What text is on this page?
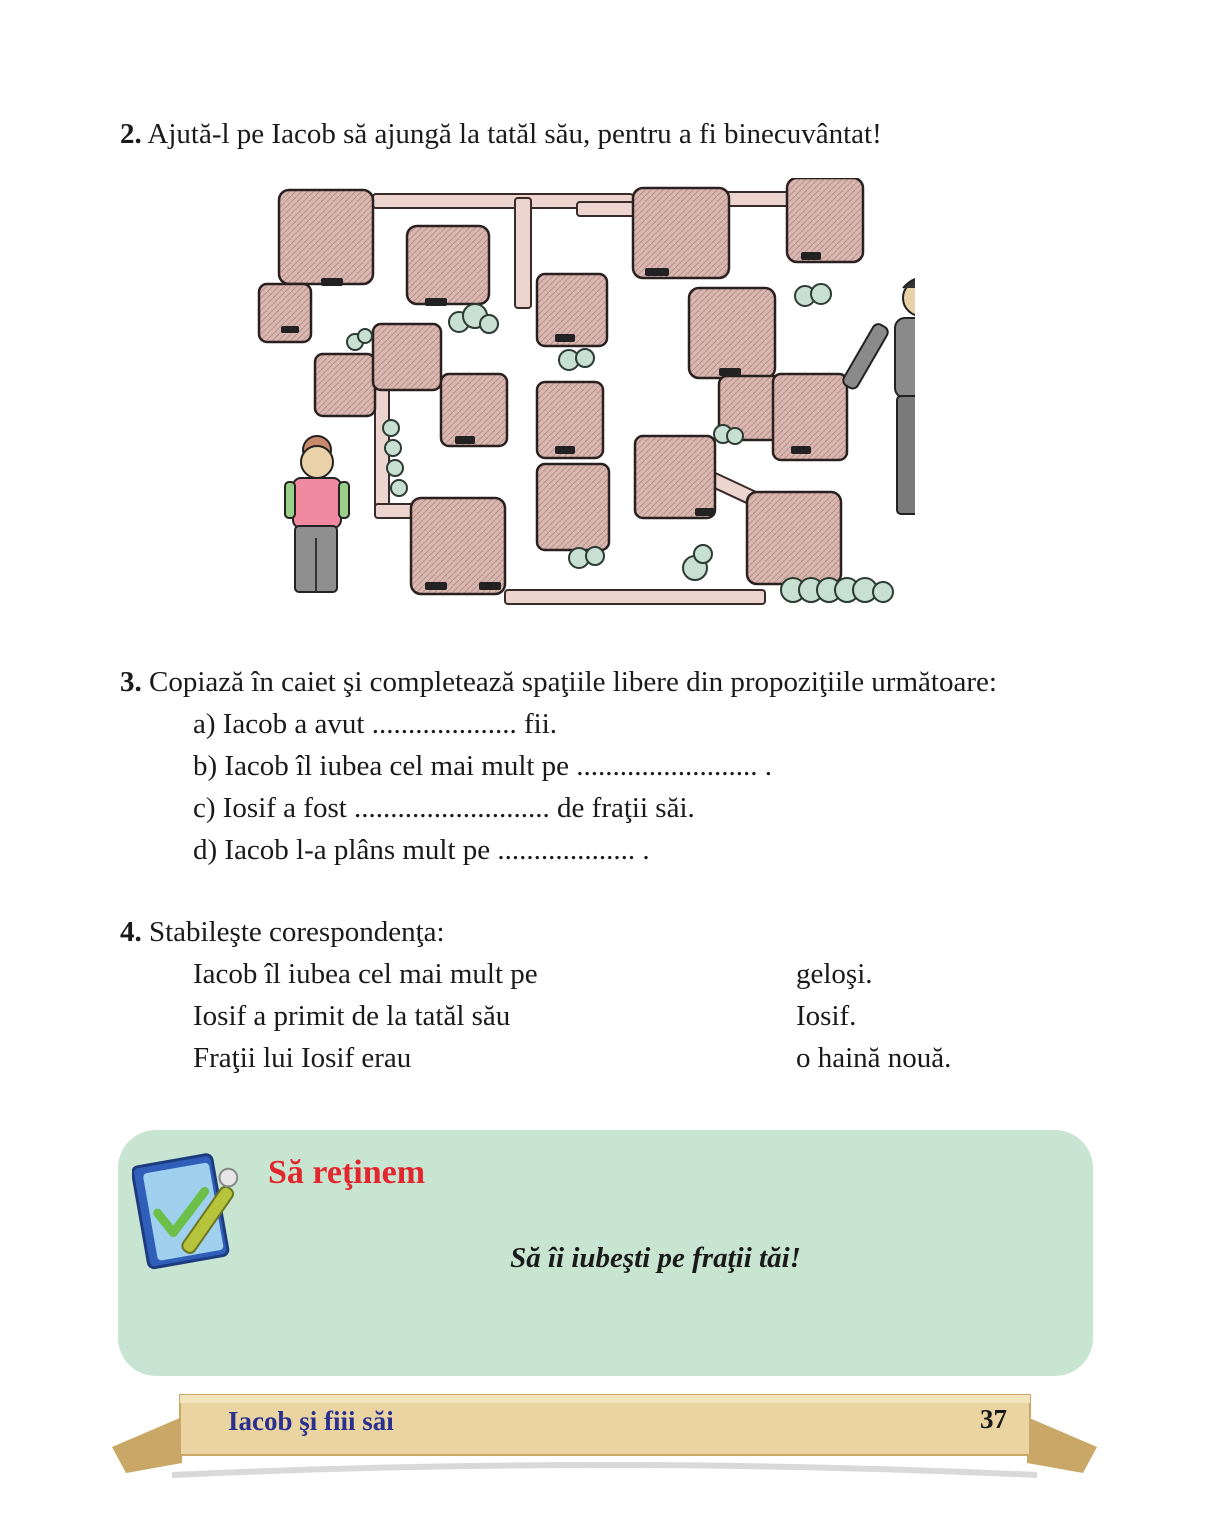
2. Ajută-l pe Iacob să ajungă la tatăl său, pentru a fi binecuvântat!
3. Copiază în caiet şi completează spaţiile libere din propoziţiile următoare:
a) Iacob a avut .................... fii.
b) Iacob îl iubea cel mai mult pe ......................... .
c) Iosif a fost ........................... de fraţii săi.
d) Iacob l-a plâns mult pe ................... .
4. Stabileşte corespondenţa:
Iacob îl iubea cel mai mult pe
Iosif a primit de la tatăl său
Fraţii lui Iosif erau
geloşi.
Iosif.
o haină nouă.
Să reţinem
Să îi iubeşti pe fraţii tăi!
Iacob şi fiii săi	37
